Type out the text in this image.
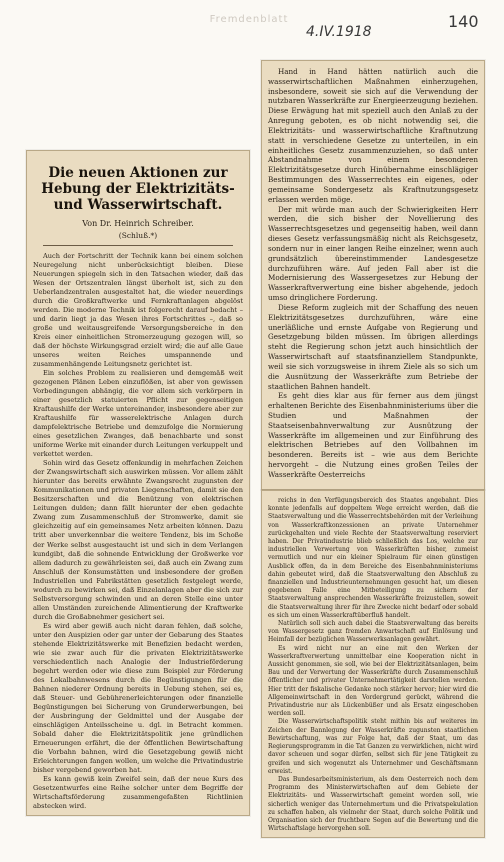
Fremdenblatt
4.IV.1918
140
Die neuen Aktionen zur Hebung der Elektrizitäts- und Wasserwirtschaft.
Von Dr. Heinrich Schreiber.
(Schluß.*)

Auch der Fortschritt der Technik kann bei einem solchen Neuregelung nicht unberücksichtigt bleiben. Diese Neuerungen spiegeln sich in den Tatsachen wieder, daß das Wesen der Ortszentralen längst überholt ist, sich zu den Ueberlandzentralen ausgestaltet hat, die wieder neuerdings durch die Großkraftwerke und Fernkraftanlagen abgelöst werden. Die moderne Technik ist folgerecht darauf bedacht – und darin liegt ja das Wesen ihres Fortschrittes –, daß so große und weitausgreifende Versorgungsbereiche in den Kreis einer einheitlichen Stromerzeugung gezogen will, so daß der höchste Wirkungsgrad erzielt wird; die auf alle Gaue unseres weiten Reiches umspannende und zusammenhängende Leitungsnetz gerichtet ist.

Ein solches Problem zu realisieren und demgemäß weit gezogenen Plänen Leben einzuflößen, ist aber von gewissen Vorbedingungen abhängig, die vor allem sich verkörpern in einer gesetzlich statuierten Pflicht zur gegenseitigen Kraftaushilfe der Werke untereinander, insbesondere aber zur Kraftaushilfe für wasserelektrische Anlagen durch dampfelektrische Betriebe und demzufolge die Normierung eines gesetzlichen Zwanges, daß benachbarte und sonst uniforme Werke mit einander durch Leitungen verkuppelt und verkettet werden.

Sohin wird das Gesetz offenkundig in mehrfachen Zeichen der Zwangswirtschaft sich auswirken müssen. Vor allem zählt hierunter das bereits erwähnte Zwangsrecht zugunsten der Kommunikationen und privaten Liegenschaften, damit sie den Besitzerschaften und die Benützung von elektrischen Leitungen dulden; dann fällt hierunter der eben gedachte Zwang zum Zusammenschluß der Stromwerke, damit sie gleichzeitig auf ein gemeinsames Netz arbeiten können. Dazu tritt aber unverkennbar die weitere Tendenz, bis im Schoße der Werke selbst ausgestaucht ist und sich in dem Verlangen kundgibt, daß die sohnende Entwicklung der Großwerke vor allem dadurch zu gewährleisten sei, daß auch ein Zwang zum Anschluß der Konsumstätten und insbesondere der großen Industriellen und Fabrikstätten gesetzlich festgelegt werde, wodurch zu bewirken sei, daß Einzelanlagen aber die sich zur Selbstversorgung schwinden und an deren Stelle eine unter allen Umständen zureichende Alimentierung der Kraftwerke durch die Großabnehmer gesichert sei.

Es wird aber gewiß auch nicht daran fehlen, daß solche, unter den Auspizien oder gar unter der Gebarung des Staates stehende Elektrizitätswerke mit Benefizien bedacht werden, wie sie zwar auch für die privaten Elektrizitätswerke verschiedentlich nach Analogie der Industrieförderung begehrt werden oder wie diese zum Beispiel zur Förderung des Lokalbahnwesens durch die Begünstigungen für die Bahnen niederer Ordnung bereits in Uebung stehen, sei es, daß Steuer- und Gebührenerleichterungen oder finanzielle Begünstigungen bei Sicherung von Grunderwerbungen, bei der Ausbringung der Geldmittel und der Ausgabe der einschlägigen Anteilsscheine u. dgl. in Betracht kommen. Sobald daher die Elektrizitätspolitik jene gründlichen Erneuerungen erfährt, die der öffentlichen Bewirtschaftung die Vorbahn bahnen, wird die Gesetzgebung gewiß nicht Erleichterungen fangen wollen, um welche die Privatindustrie bisher vergebend geworben hat.

Es kann gewiß kein Zweifel sein, daß der neue Kurs des Gesetzentwurfes eine Reihe solcher unter dem Begriffe der Wirtschaftsförderung zusammengefaßten Richtlinien abstecken wird.

Hand in Hand hätten natürlich auch die wasserwirtschaftlichen Maßnahmen einherzugehen, insbesondere, soweit sie sich auf die Verwendung der nutzbaren Wasserkräfte zur Energieerzeugung beziehen. Diese Erwägung hat mit speziell auch den Anlaß zu der Anregung geboten, es ob nicht notwendig sei, die Elektrizitäts- und wasserwirtschaftliche Kraftnutzung statt in verschiedene Gesetze zu unterteilen, in ein einheitliches Gesetz zusammenzuziehen, so daß unter Abstandnahme von einem besonderen Elektrizitätsgesetze durch Hinübernahme einschlägiger Bestimmungen des Wasserrechtes ein eigenes, oder gemeinsame Sondergesetz als Kraftnutzungsgesetz erlassen werden möge.

Der mit würde man auch der Schwierigkeiten Herr werden, die sich bisher der Novellierung des Wasserrechtsgesetzes und gegenseitig haben, weil dann dieses Gesetz verfassungsmäßig nicht als Reichsgesetz, sondern nur in einer langen Reihe einzelner, wenn auch grundsätzlich übereinstimmender Landesgesetze durchzuführen wäre. Auf jeden Fall aber ist die Modernisierung des Wassergesetzes zur Hebung der Wasserkraftverwertung eine bisher abgehende, jedoch umso dringlichere Forderung.

Diese Reform zugleich mit der Schaffung des neuen Elektrizitätsgesetzes durchzuführen, wäre eine unerläßliche und ernste Aufgabe von Regierung und Gesetzgebung bilden müssen. Im übrigen allerdings steht die Regierung schon jetzt auch hinsichtlich der Wasserwirtschaft auf staatsfinanziellem Standpunkte, weil sie sich vorzugsweise in ihrem Ziele als so sich um die Ausnützung der Wasserkräfte zum Betriebe der staatlichen Bahnen handelt.

Es geht dies klar aus für ferner aus dem jüngst erhaltenen Berichte des Eisenbahnministeriums über die Studien und Maßnahmen der Staatseisenbahnverwaltung zur Ausnützung der Wasserkräfte im allgemeinen und zur Einführung des elektrischen Betriebes auf den Vollbahnen im besonderen. Bereits ist – wie aus dem Berichte hervorgeht – die Nutzung eines großen Teiles der Wasserkräfte Oesterreichs

reichs in den Verfügungsbereich des Staates angebahnt. Dies konnte jedenfalls auf doppeltem Wege erreicht werden, daß die Staatsverwaltung und die Wasserrechtsbehörden mit der Verleihung von Wasserkraftkonzessionen an private Unternehmer zurückgehalten und viele Rechte der Staatsverwaltung reserviert haben. Der Privatindustrie blieb schließlich das Los, welche zur industriellen Verwertung von Wasserkräften bisher, zumeist vermutlich und nur ein kleiner Spielraum für einen günstigen Ausblick offen, da in dem Bereiche des Eisenbahnministeriums dahin gebeutet wird, daß die Staatsverwaltung den Abschluß zu finanziellen und Industrieunternehmungen gesucht hat, um diesen gegebenen Falle eine Mitbeteiligung zu sichern der Staatsverwaltung ansprechenden Wasserkräfte freizustellen, soweit die Staatsverwaltung ihrer für ihre Zwecke nicht bedarf oder sobald es sich um einen Wasserkraftüberfluß handelt.

Natürlich soll sich auch dabei die Staatsverwaltung das bereits von Wassergesetz ganz fremden Anwartschaft auf Einlösung und Heimfall der bezüglichen Wasserwerksanlagen gewährt.

Es wird nicht nur an eine mit den Werken der Wasserkraftverwertung unmittelbar eine Kooperation nicht in Aussicht genommen, sie soll, wie bei der Elektrizitätsanlagen, beim Bau und der Verwertung der Wasserkräfte durch Zusammenschluß öffentlicher und privater Unternehmertätigkeit darstellen werden. Hier tritt der fiskalische Gedanke noch stärker hervor; hier wird die Allgemeinwirtschaft in den Vordergrund gerückt, während die Privatindustrie nur als Lückenbüßer und als Ersatz eingeschoben werden soll.

Die Wasserwirtschaftspolitik steht mithin bis auf weiteres im Zeichen der Bannlegung der Wasserkräfte zugunsten staatlichen Bewirtschaftung, was zur Folge hat, daß der Staat, um das Regierungsprogramm in die Tat Ganzen zu verwirklichen, nicht wird davor scheuen und sogar dürfen, selbst sich für jene Tätigkeit zu greifen und sich wogenutzt als Unternehmer und Geschäftsmann erweist.

Das Bundesarbeitsministerium, als dem Oesterreich noch dem Programm des Ministerwirtschaften auf dem Gebiete der Elektrizitäts- und Wasserwirtschaft gemeint worden soll, wie sicherlich weniger das Unternehmertum und die Privatspekulation zu schaffen haben, als vielmehr der Staat, durch solche Politik und Organisation sich der fruchtbare Segen auf die Bewertung und die Wirtschaftslage hervorgehen soll.
